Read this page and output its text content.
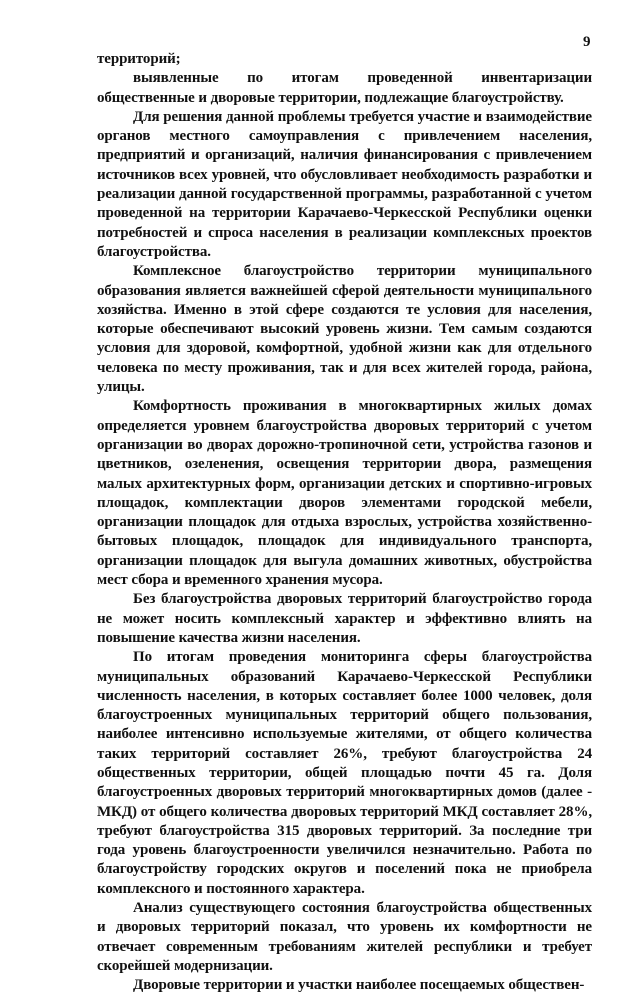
9

территорий;

выявленные по итогам проведенной инвентаризации общественные и дворовые территории, подлежащие благоустройству.

Для решения данной проблемы требуется участие и взаимодействие органов местного самоуправления с привлечением населения, предприятий и организаций, наличия финансирования с привлечением источников всех уровней, что обусловливает необходимость разработки и реализации данной государственной программы, разработанной с учетом проведенной на территории Карачаево-Черкесской Республики оценки потребностей и спроса населения в реализации комплексных проектов благоустройства.

Комплексное благоустройство территории муниципального образования является важнейшей сферой деятельности муниципального хозяйства. Именно в этой сфере создаются те условия для населения, которые обеспечивают высокий уровень жизни. Тем самым создаются условия для здоровой, комфортной, удобной жизни как для отдельного человека по месту проживания, так и для всех жителей города, района, улицы.

Комфортность проживания в многоквартирных жилых домах определяется уровнем благоустройства дворовых территорий с учетом организации во дворах дорожно-тропиночной сети, устройства газонов и цветников, озеленения, освещения территории двора, размещения малых архитектурных форм, организации детских и спортивно-игровых площадок, комплектации дворов элементами городской мебели, организации площадок для отдыха взрослых, устройства хозяйственно-бытовых площадок, площадок для индивидуального транспорта, организации площадок для выгула домашних животных, обустройства мест сбора и временного хранения мусора.

Без благоустройства дворовых территорий благоустройство города не может носить комплексный характер и эффективно влиять на повышение качества жизни населения.

По итогам проведения мониторинга сферы благоустройства муниципальных образований Карачаево-Черкесской Республики численность населения, в которых составляет более 1000 человек, доля благоустроенных муниципальных территорий общего пользования, наиболее интенсивно используемые жителями, от общего количества таких территорий составляет 26%, требуют благоустройства 24 общественных территории, общей площадью почти 45 га. Доля благоустроенных дворовых территорий многоквартирных домов (далее - МКД) от общего количества дворовых территорий МКД составляет 28%, требуют благоустройства 315 дворовых территорий. За последние три года уровень благоустроенности увеличился незначительно. Работа по благоустройству городских округов и поселений пока не приобрела комплексного и постоянного характера.

Анализ существующего состояния благоустройства общественных и дворовых территорий показал, что уровень их комфортности не отвечает современным требованиям жителей республики и требует скорейшей модернизации.

Дворовые территории и участки наиболее посещаемых обществен-
